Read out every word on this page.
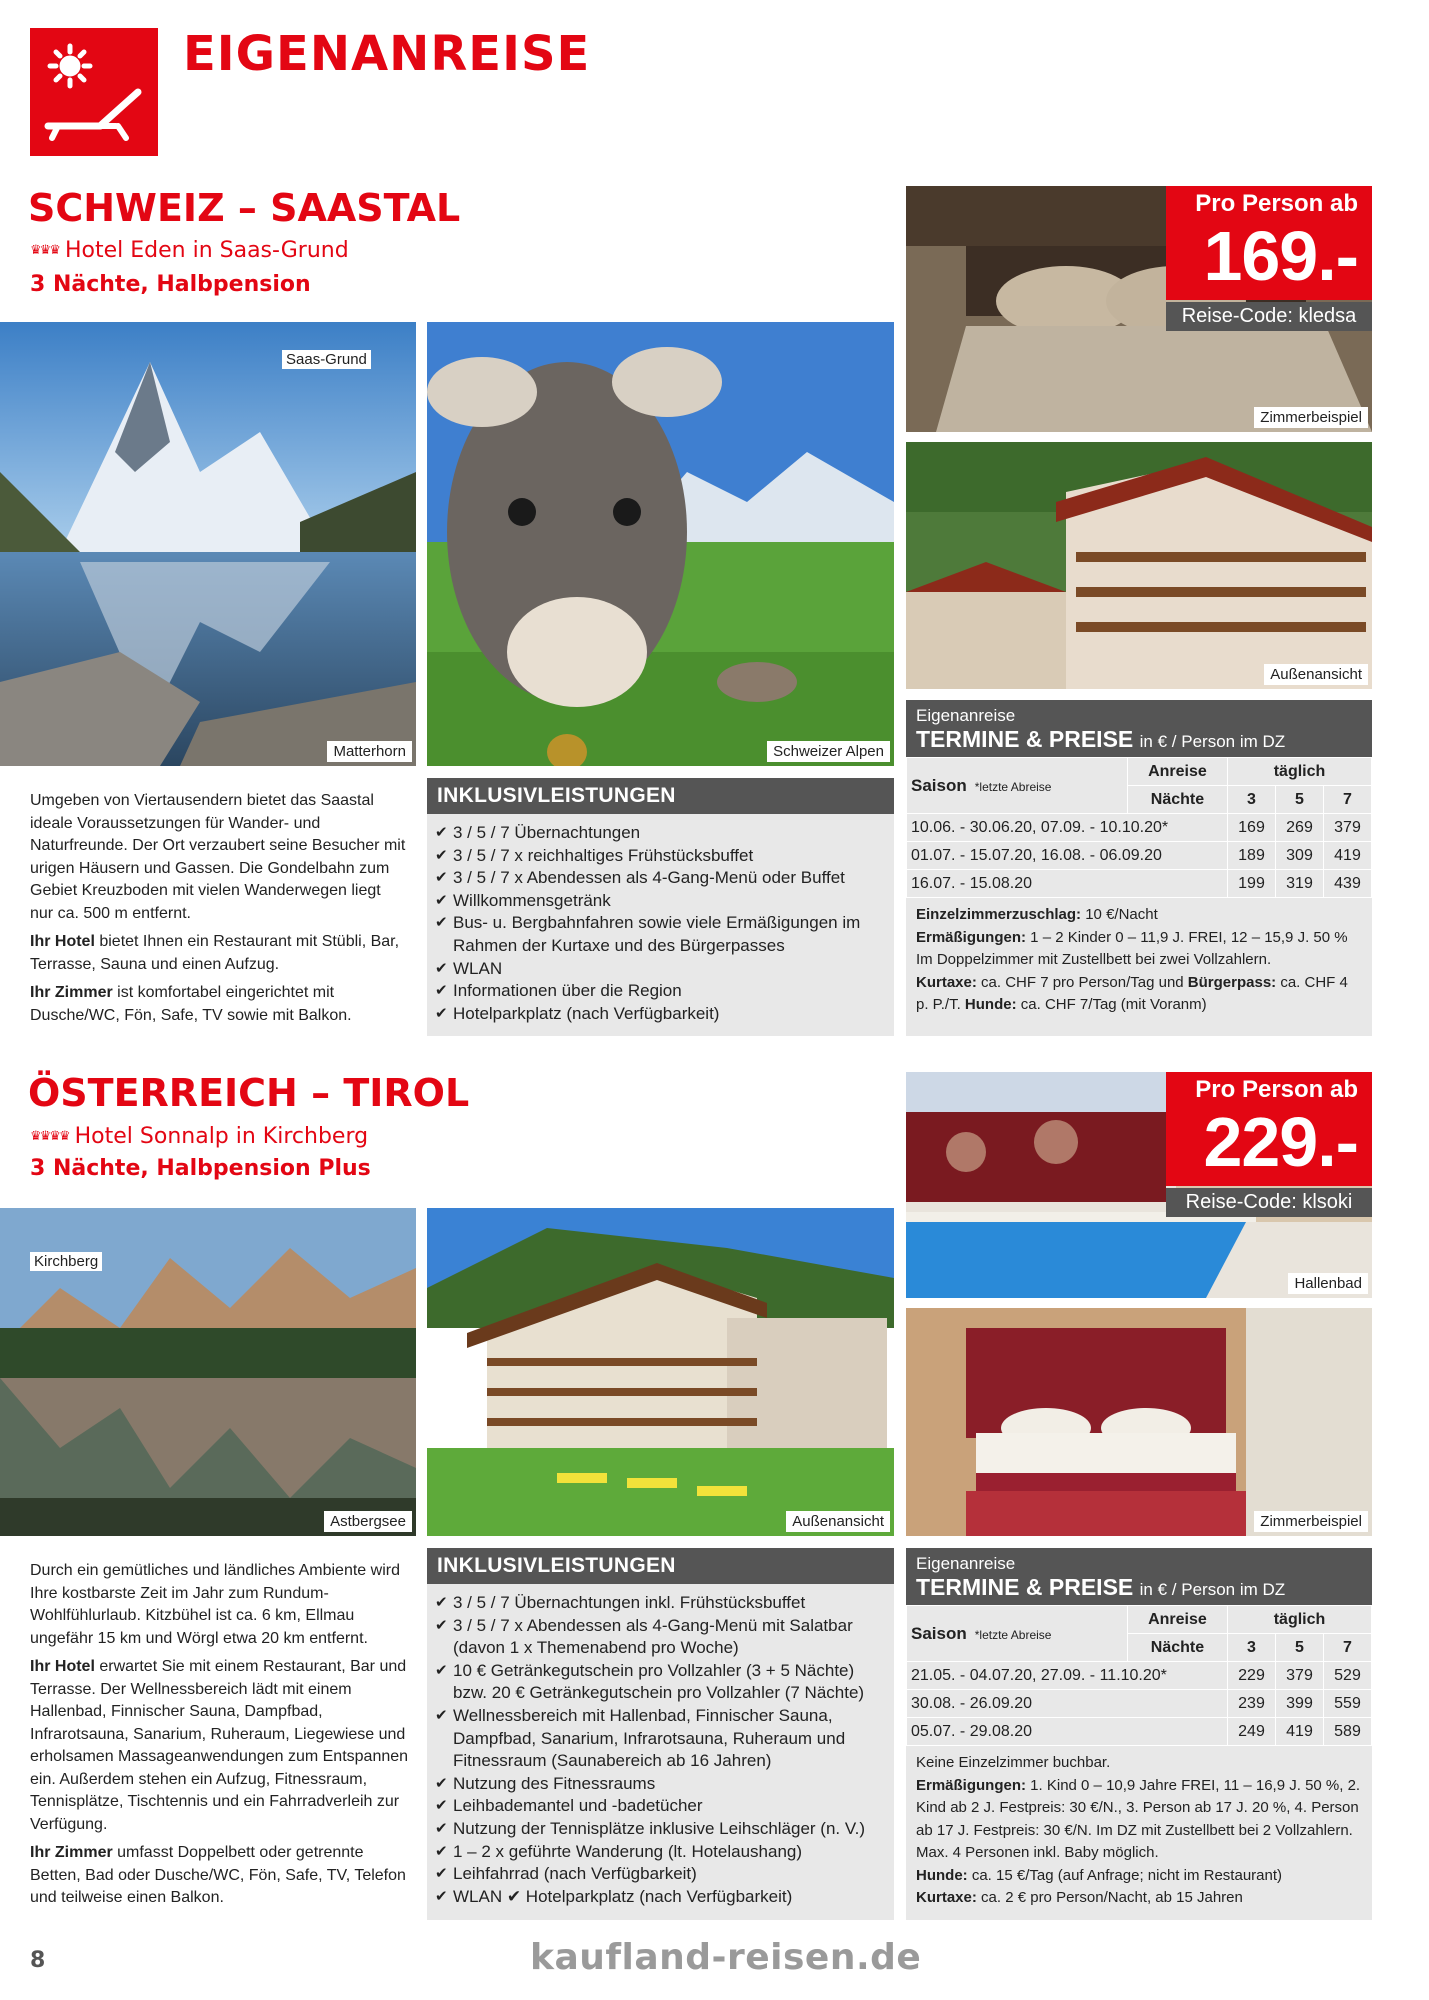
EIGENANREISE
SCHWEIZ – SAASTAL
♛♛♛ Hotel Eden in Saas-Grund
3 Nächte, Halbpension
Saas-Grund
Matterhorn	Schweizer Alpen
Zimmerbeispiel
Pro Person ab
169.-
Reise-Code: kledsa
Außenansicht

Umgeben von Viertausendern bietet das Saastal ideale Voraussetzungen für Wander- und Naturfreunde. Der Ort verzaubert seine Besucher mit urigen Häusern und Gassen. Die Gondelbahn zum Gebiet Kreuzboden mit vielen Wanderwegen liegt nur ca. 500 m entfernt.

Ihr Hotel bietet Ihnen ein Restaurant mit Stübli, Bar, Terrasse, Sauna und einen Aufzug.

Ihr Zimmer ist komfortabel eingerichtet mit Dusche/WC, Fön, Safe, TV sowie mit Balkon.

INKLUSIVLEISTUNGEN
✔ 3 / 5 / 7 Übernachtungen
✔ 3 / 5 / 7 x reichhaltiges Frühstücksbuffet
✔ 3 / 5 / 7 x Abendessen als 4-Gang-Menü oder Buffet
✔ Willkommensgetränk
✔ Bus- u. Bergbahnfahren sowie viele Ermäßigungen im Rahmen der Kurtaxe und des Bürgerpasses
✔ WLAN
✔ Informationen über die Region
✔ Hotelparkplatz (nach Verfügbarkeit)
Eigenanreise
TERMINE & PREISE in € / Person im DZ
Saison *letzte Abreise	Anreise	täglich		
	Nächte	3	5	7
10.06. - 30.06.20, 07.09. - 10.10.20*		169	269	379
01.07. - 15.07.20, 16.08. - 06.09.20		189	309	419
16.07. - 15.08.20		199	319	439
Einzelzimmerzuschlag: 10 €/Nacht
Ermäßigungen: 1 – 2 Kinder 0 – 11,9 J. FREI, 12 – 15,9 J. 50 % Im Doppelzimmer mit Zustellbett bei zwei Vollzahlern.
Kurtaxe: ca. CHF 7 pro Person/Tag und Bürgerpass: ca. CHF 4 p. P./T. Hunde: ca. CHF 7/Tag (mit Voranm)
ÖSTERREICH – TIROL
♛♛♛♛ Hotel Sonnalp in Kirchberg
3 Nächte, Halbpension Plus
Kirchberg
Astbergsee	Außenansicht
Hallenbad
Pro Person ab
229.-
Reise-Code: klsoki
Zimmerbeispiel

Durch ein gemütliches und ländliches Ambiente wird Ihre kostbarste Zeit im Jahr zum Rundum-Wohlfühlurlaub. Kitzbühel ist ca. 6 km, Ellmau ungefähr 15 km und Wörgl etwa 20 km entfernt.

Ihr Hotel erwartet Sie mit einem Restaurant, Bar und Terrasse. Der Wellnessbereich lädt mit einem Hallenbad, Finnischer Sauna, Dampfbad, Infrarotsauna, Sanarium, Ruheraum, Liegewiese und erholsamen Massageanwendungen zum Entspannen ein. Außerdem stehen ein Aufzug, Fitnessraum, Tennisplätze, Tischtennis und ein Fahrradverleih zur Verfügung.

Ihr Zimmer umfasst Doppelbett oder getrennte Betten, Bad oder Dusche/WC, Fön, Safe, TV, Telefon und teilweise einen Balkon.

INKLUSIVLEISTUNGEN
✔ 3 / 5 / 7 Übernachtungen inkl. Frühstücksbuffet
✔ 3 / 5 / 7 x Abendessen als 4-Gang-Menü mit Salatbar (davon 1 x Themenabend pro Woche)
✔ 10 € Getränkegutschein pro Vollzahler (3 + 5 Nächte) bzw. 20 € Getränkegutschein pro Vollzahler (7 Nächte)
✔ Wellnessbereich mit Hallenbad, Finnischer Sauna, Dampfbad, Sanarium, Infrarotsauna, Ruheraum und Fitnessraum (Saunabereich ab 16 Jahren)
✔ Nutzung des Fitnessraums
✔ Leihbademantel und -badetücher
✔ Nutzung der Tennisplätze inklusive Leihschläger (n. V.)
✔ 1 – 2 x geführte Wanderung (lt. Hotelaushang)
✔ Leihfahrrad (nach Verfügbarkeit)
✔ WLAN ✔ Hotelparkplatz (nach Verfügbarkeit)
Eigenanreise
TERMINE & PREISE in € / Person im DZ
Saison *letzte Abreise	Anreise	täglich		
	Nächte	3	5	7
21.05. - 04.07.20, 27.09. - 11.10.20*		229	379	529
30.08. - 26.09.20		239	399	559
05.07. - 29.08.20		249	419	589
Keine Einzelzimmer buchbar.
Ermäßigungen: 1. Kind 0 – 10,9 Jahre FREI, 11 – 16,9 J. 50 %, 2. Kind ab 2 J. Festpreis: 30 €/N., 3. Person ab 17 J. 20 %, 4. Person ab 17 J. Festpreis: 30 €/N. Im DZ mit Zustellbett bei 2 Vollzahlern. Max. 4 Personen inkl. Baby möglich.
Hunde: ca. 15 €/Tag (auf Anfrage; nicht im Restaurant)
Kurtaxe: ca. 2 € pro Person/Nacht, ab 15 Jahren
8	kaufland-reisen.de
